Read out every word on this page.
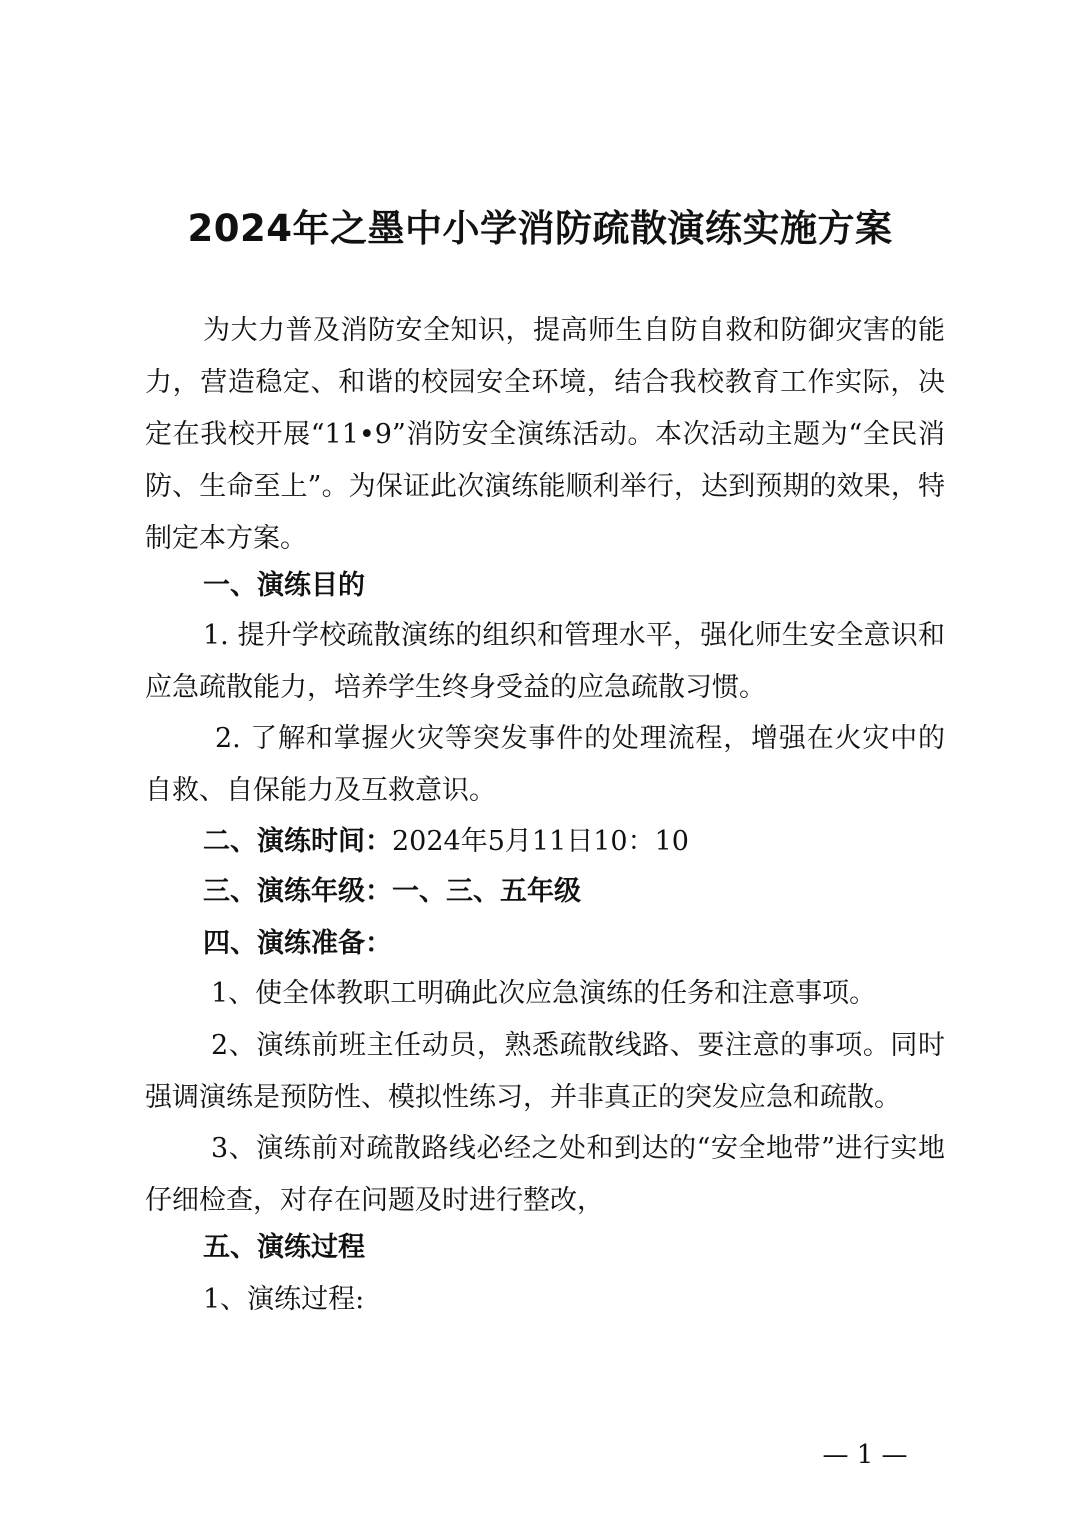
2024年之墨中小学消防疏散演练实施方案
为大力普及消防安全知识，提高师生自防自救和防御灾害的能力，营造稳定、和谐的校园安全环境，结合我校教育工作实际，决定在我校开展“11•9”消防安全演练活动。本次活动主题为“全民消防、生命至上”。为保证此次演练能顺利举行，达到预期的效果，特制定本方案。
一、演练目的
1. 提升学校疏散演练的组织和管理水平，强化师生安全意识和应急疏散能力，培养学生终身受益的应急疏散习惯。
2. 了解和掌握火灾等突发事件的处理流程，增强在火灾中的自救、自保能力及互救意识。
二、演练时间：2024年5月11日10：10
三、演练年级：一、三、五年级
四、演练准备：
1、使全体教职工明确此次应急演练的任务和注意事项。
2、演练前班主任动员，熟悉疏散线路、要注意的事项。同时强调演练是预防性、模拟性练习，并非真正的突发应急和疏散。
3、演练前对疏散路线必经之处和到达的“安全地带”进行实地仔细检查，对存在问题及时进行整改，
五、演练过程
1、演练过程:
— 1 —
